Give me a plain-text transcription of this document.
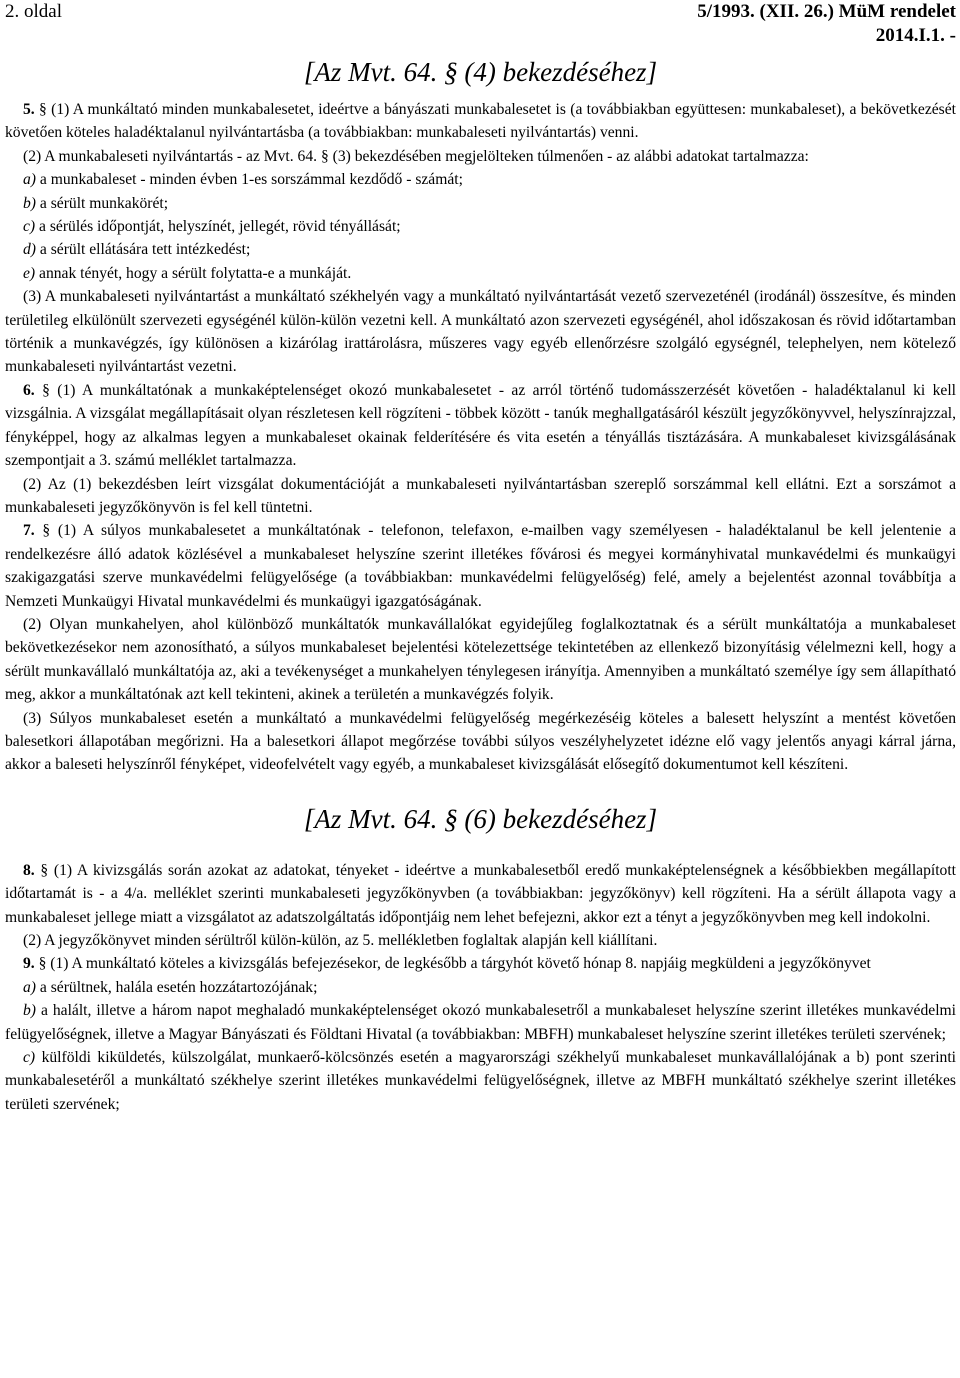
2. oldal	5/1993. (XII. 26.) MüM rendelet
2014.I.1. -
[Az Mvt. 64. § (4) bekezdéséhez]

5. § (1) A munkáltató minden munkabalesetet, ideértve a bányászati munkabalesetet is (a továbbiakban együttesen: munkabaleset), a bekövetkezését követően köteles haladéktalanul nyilvántartásba (a továbbiakban: munkabaleseti nyilvántartás) venni.

(2) A munkabaleseti nyilvántartás - az Mvt. 64. § (3) bekezdésében megjelölteken túlmenően - az alábbi adatokat tartalmazza:

a) a munkabaleset - minden évben 1-es sorszámmal kezdődő - számát;

b) a sérült munkakörét;

c) a sérülés időpontját, helyszínét, jellegét, rövid tényállását;

d) a sérült ellátására tett intézkedést;

e) annak tényét, hogy a sérült folytatta-e a munkáját.

(3) A munkabaleseti nyilvántartást a munkáltató székhelyén vagy a munkáltató nyilvántartását vezető szervezeténél (irodánál) összesítve, és minden területileg elkülönült szervezeti egységénél külön-külön vezetni kell. A munkáltató azon szervezeti egységénél, ahol időszakosan és rövid időtartamban történik a munkavégzés, így különösen a kizárólag irattárolásra, műszeres vagy egyéb ellenőrzésre szolgáló egységnél, telephelyen, nem kötelező munkabaleseti nyilvántartást vezetni.

6. § (1) A munkáltatónak a munkaképtelenséget okozó munkabalesetet - az arról történő tudomásszerzését követően - haladéktalanul ki kell vizsgálnia. A vizsgálat megállapításait olyan részletesen kell rögzíteni - többek között - tanúk meghallgatásáról készült jegyzőkönyvvel, helyszínrajzzal, fényképpel, hogy az alkalmas legyen a munkabaleset okainak felderítésére és vita esetén a tényállás tisztázására. A munkabaleset kivizsgálásának szempontjait a 3. számú melléklet tartalmazza.

(2) Az (1) bekezdésben leírt vizsgálat dokumentációját a munkabaleseti nyilvántartásban szereplő sorszámmal kell ellátni. Ezt a sorszámot a munkabaleseti jegyzőkönyvön is fel kell tüntetni.

7. § (1) A súlyos munkabalesetet a munkáltatónak - telefonon, telefaxon, e-mailben vagy személyesen - haladéktalanul be kell jelentenie a rendelkezésre álló adatok közlésével a munkabaleset helyszíne szerint illetékes fővárosi és megyei kormányhivatal munkavédelmi és munkaügyi szakigazgatási szerve munkavédelmi felügyelősége (a továbbiakban: munkavédelmi felügyelőség) felé, amely a bejelentést azonnal továbbítja a Nemzeti Munkaügyi Hivatal munkavédelmi és munkaügyi igazgatóságának.

(2) Olyan munkahelyen, ahol különböző munkáltatók munkavállalókat egyidejűleg foglalkoztatnak és a sérült munkáltatója a munkabaleset bekövetkezésekor nem azonosítható, a súlyos munkabaleset bejelentési kötelezettsége tekintetében az ellenkező bizonyításig vélelmezni kell, hogy a sérült munkavállaló munkáltatója az, aki a tevékenységet a munkahelyen ténylegesen irányítja. Amennyiben a munkáltató személye így sem állapítható meg, akkor a munkáltatónak azt kell tekinteni, akinek a területén a munkavégzés folyik.

(3) Súlyos munkabaleset esetén a munkáltató a munkavédelmi felügyelőség megérkezéséig köteles a balesett helyszínt a mentést követően balesetkori állapotában megőrizni. Ha a balesetkori állapot megőrzése további súlyos veszélyhelyzetet idézne elő vagy jelentős anyagi kárral járna, akkor a baleseti helyszínről fényképet, videofelvételt vagy egyéb, a munkabaleset kivizsgálását elősegítő dokumentumot kell készíteni.

[Az Mvt. 64. § (6) bekezdéséhez]

8. § (1) A kivizsgálás során azokat az adatokat, tényeket - ideértve a munkabalesetből eredő munkaképtelenségnek a későbbiekben megállapított időtartamát is - a 4/a. melléklet szerinti munkabaleseti jegyzőkönyvben (a továbbiakban: jegyzőkönyv) kell rögzíteni. Ha a sérült állapota vagy a munkabaleset jellege miatt a vizsgálatot az adatszolgáltatás időpontjáig nem lehet befejezni, akkor ezt a tényt a jegyzőkönyvben meg kell indokolni.

(2) A jegyzőkönyvet minden sérültről külön-külön, az 5. mellékletben foglaltak alapján kell kiállítani.

9. § (1) A munkáltató köteles a kivizsgálás befejezésekor, de legkésőbb a tárgyhót követő hónap 8. napjáig megküldeni a jegyzőkönyvet

a) a sérültnek, halála esetén hozzátartozójának;

b) a halált, illetve a három napot meghaladó munkaképtelenséget okozó munkabalesetről a munkabaleset helyszíne szerint illetékes munkavédelmi felügyelőségnek, illetve a Magyar Bányászati és Földtani Hivatal (a továbbiakban: MBFH) munkabaleset helyszíne szerint illetékes területi szervének;

c) külföldi kiküldetés, külszolgálat, munkaerő-kölcsönzés esetén a magyarországi székhelyű munkabaleset munkavállalójának a b) pont szerinti munkabalesetéről a munkáltató székhelye szerint illetékes munkavédelmi felügyelőségnek, illetve az MBFH munkáltató székhelye szerint illetékes területi szervének;
